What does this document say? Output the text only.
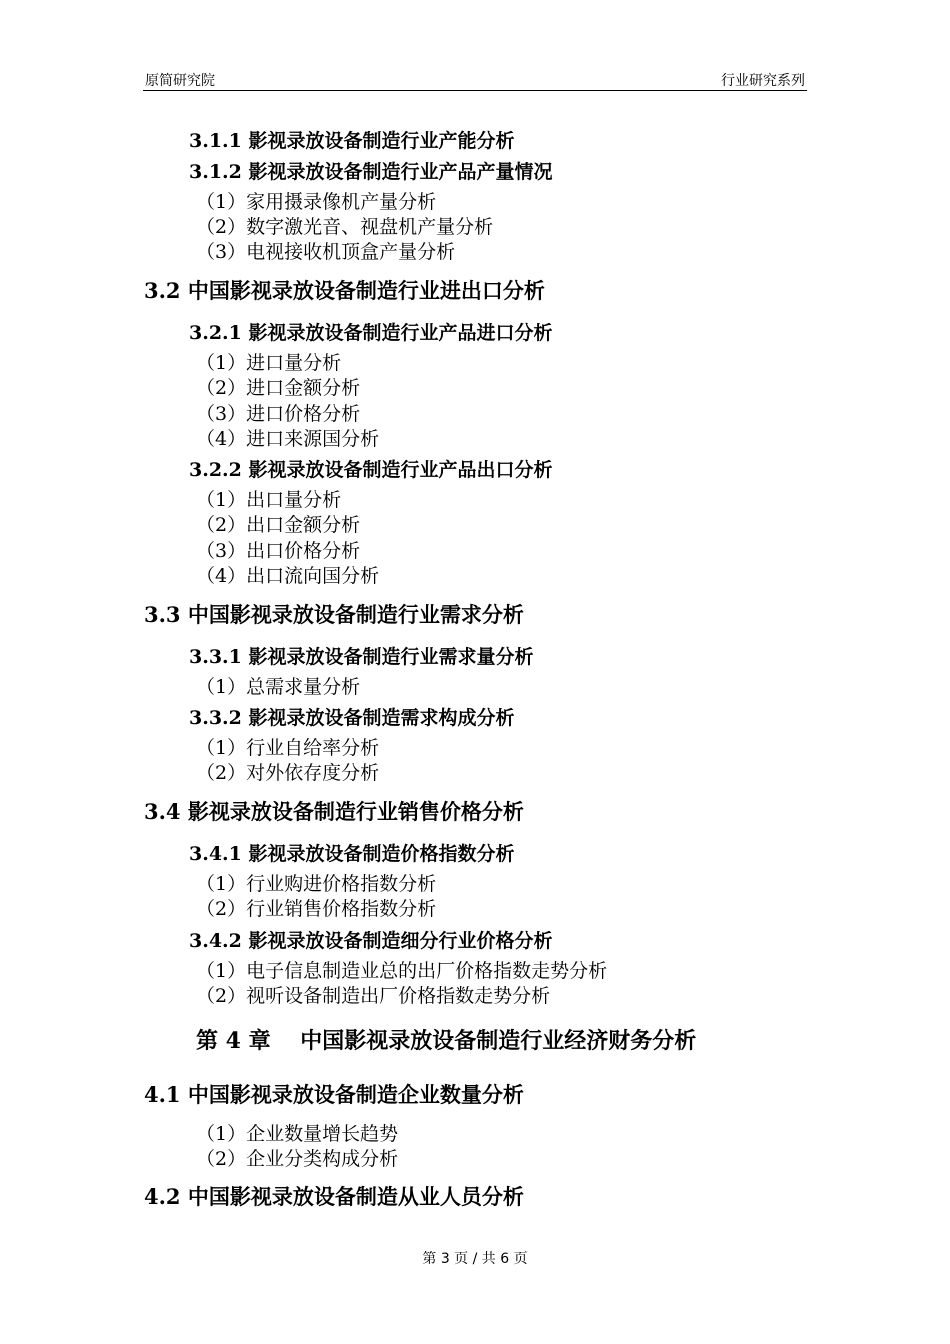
原简研究院	行业研究系列
3.1.1 影视录放设备制造行业产能分析
3.1.2 影视录放设备制造行业产品产量情况
（1）家用摄录像机产量分析
（2）数字激光音、视盘机产量分析
（3）电视接收机顶盒产量分析
3.2 中国影视录放设备制造行业进出口分析
3.2.1 影视录放设备制造行业产品进口分析
（1）进口量分析
（2）进口金额分析
（3）进口价格分析
（4）进口来源国分析
3.2.2 影视录放设备制造行业产品出口分析
（1）出口量分析
（2）出口金额分析
（3）出口价格分析
（4）出口流向国分析
3.3 中国影视录放设备制造行业需求分析
3.3.1 影视录放设备制造行业需求量分析
（1）总需求量分析
3.3.2 影视录放设备制造需求构成分析
（1）行业自给率分析
（2）对外依存度分析
3.4 影视录放设备制造行业销售价格分析
3.4.1 影视录放设备制造价格指数分析
（1）行业购进价格指数分析
（2）行业销售价格指数分析
3.4.2 影视录放设备制造细分行业价格分析
（1）电子信息制造业总的出厂价格指数走势分析
（2）视听设备制造出厂价格指数走势分析
第 4 章　 中国影视录放设备制造行业经济财务分析
4.1 中国影视录放设备制造企业数量分析
（1）企业数量增长趋势
（2）企业分类构成分析
4.2 中国影视录放设备制造从业人员分析
第 3 页 / 共 6 页
